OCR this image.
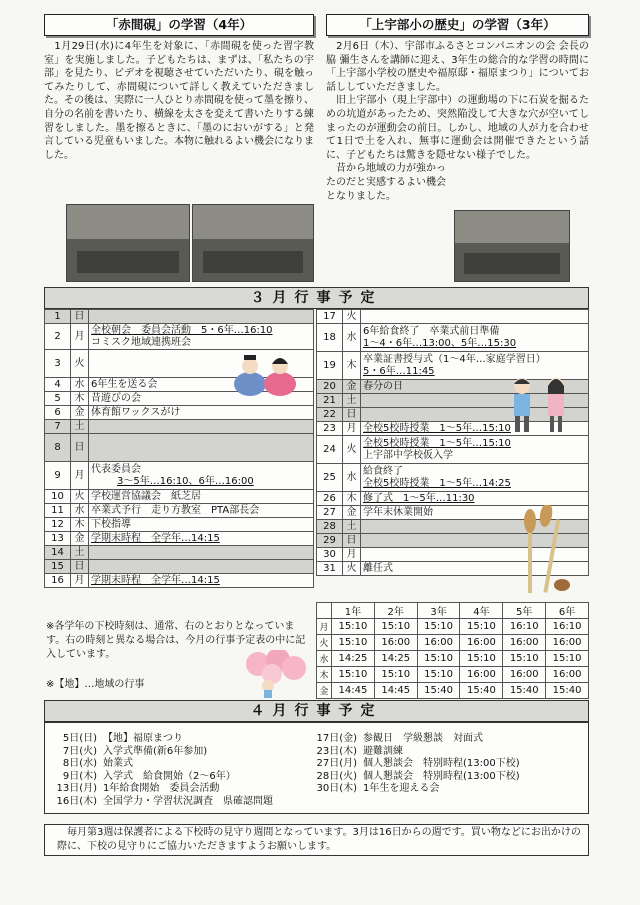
「赤間硯」の学習（4年）
　1月29日(水)に4年生を対象に、「赤間硯を使った習字教室」を実施しました。子どもたちは、まずは、「私たちの宇部」を見たり、ビデオを視聴させていただいたり、硯を触ってみたりして、赤間硯について詳しく教えていただきました。その後は、実際に一人ひとり赤間硯を使って墨を擦り、自分の名前を書いたり、横線を太さを変えて書いたりする練習をしました。墨を擦るときに、「墨のにおいがする」と発言している児童もいました。本物に触れるよい機会になりました。
「上宇部小の歴史」の学習（3年）
　2月6日（木）、宇部市ふるさとコンパニオンの会 会長の脇 彌生さんを講師に迎え、3年生の総合的な学習の時間に「上宇部小学校の歴史や福原邸・福原まつり」についてお話ししていただきました。
　旧上宇部小（現上宇部中）の運動場の下に石炭を掘るための坑道があったため、突然陥没して大きな穴が空いてしまったのが運動会の前日。しかし、地域の人が力を合わせて1日で土を入れ、無事に運動会は開催できたという話に、子どもたちは驚きを隠せない様子でした。
　昔から地域の力が強かったのだと実感するよい機会となりました。
３月行事予定
1	日	

2	月	全校朝会　委員会活動　5・6年…16:10
コミスク地域連携班会

3	火	

4	水	6年生を送る会

5	木	昔遊びの会

6	金	体育館ワックスがけ

7	土	

8	日	

9	月	代表委員会
3～5年…16:10、6年…16:00

10	火	学校運営協議会　紙芝居

11	水	卒業式予行　走り方教室　PTA部長会

12	木	下校指導

13	金	学期末時程　全学年…14:15

14	土	

15	日	

16	月	学期末時程　全学年…14:15
17	火	

18	水	6年給食終了　卒業式前日準備
1～4・6年…13:00、5年…15:30

19	木	卒業証書授与式（1～4年…家庭学習日）
5・6年…11:45

20	金	春分の日

21	土	

22	日	

23	月	全校5校時授業　1～5年…15:10

24	火	全校5校時授業　1～5年…15:10
上宇部中学校仮入学

25	水	給食終了
全校5校時授業　1～5年…14:25

26	木	修了式　1～5年…11:30

27	金	学年末休業開始

28	土	

29	日	

30	月	

31	火	離任式
	1年	2年	3年	4年	5年	6年
月	15:10	15:10	15:10	15:10	16:10	16:10
火	15:10	16:00	16:00	16:00	16:00	16:00
水	14:25	14:25	15:10	15:10	15:10	15:10
木	15:10	15:10	15:10	16:00	16:00	16:00
金	14:45	14:45	15:40	15:40	15:40	15:40
※各学年の下校時刻は、通常、右のとおりとなっています。右の時刻と異なる場合は、今月の行事予定表の中に記入しています。
※【地】…地域の行事
４月行事予定
5日(日) 【地】福原まつり
7日(火) 入学式準備(新6年参加)
8日(水) 始業式
9日(木) 入学式　給食開始（2～6年）
13日(月) 1年給食開始　委員会活動
16日(木) 全国学力・学習状況調査　県確認問題
17日(金) 参観日　学級懇談　対面式
23日(木) 避難訓練
27日(月) 個人懇談会　特別時程(13:00下校)
28日(火) 個人懇談会　特別時程(13:00下校)
30日(木) 1年生を迎える会
　毎月第3週は保護者による下校時の見守り週間となっています。3月は16日からの週です。買い物などにお出かけの際に、下校の見守りにご協力いただきますようお願いします。
